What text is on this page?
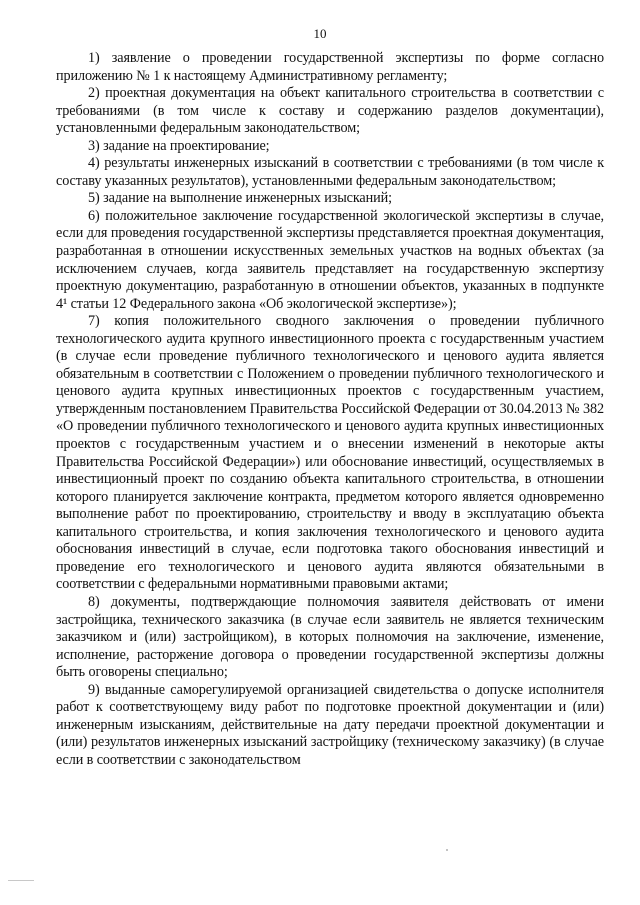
10

1) заявление о проведении государственной экспертизы по форме согласно приложению № 1 к настоящему Административному регламенту;

2) проектная документация на объект капитального строительства в соответствии с требованиями (в том числе к составу и содержанию разделов документации), установленными федеральным законодательством;

3) задание на проектирование;

4) результаты инженерных изысканий в соответствии с требованиями (в том числе к составу указанных результатов), установленными федеральным законодательством;

5) задание на выполнение инженерных изысканий;

6) положительное заключение государственной экологической экспертизы в случае, если для проведения государственной экспертизы представляется проектная документация, разработанная в отношении искусственных земельных участков на водных объектах (за исключением случаев, когда заявитель представляет на государственную экспертизу проектную документацию, разработанную в отношении объектов, указанных в подпункте 4¹ статьи 12 Федерального закона «Об экологической экспертизе»);

7) копия положительного сводного заключения о проведении публичного технологического аудита крупного инвестиционного проекта с государственным участием (в случае если проведение публичного технологического и ценового аудита является обязательным в соответствии с Положением о проведении публичного технологического и ценового аудита крупных инвестиционных проектов с государственным участием, утвержденным постановлением Правительства Российской Федерации от 30.04.2013 № 382 «О проведении публичного технологического и ценового аудита крупных инвестиционных проектов с государственным участием и о внесении изменений в некоторые акты Правительства Российской Федерации») или обоснование инвестиций, осуществляемых в инвестиционный проект по созданию объекта капитального строительства, в отношении которого планируется заключение контракта, предметом которого является одновременно выполнение работ по проектированию, строительству и вводу в эксплуатацию объекта капитального строительства, и копия заключения технологического и ценового аудита обоснования инвестиций в случае, если подготовка такого обоснования инвестиций и проведение его технологического и ценового аудита являются обязательными в соответствии с федеральными нормативными правовыми актами;

8) документы, подтверждающие полномочия заявителя действовать от имени застройщика, технического заказчика (в случае если заявитель не является техническим заказчиком и (или) застройщиком), в которых полномочия на заключение, изменение, исполнение, расторжение договора о проведении государственной экспертизы должны быть оговорены специально;

9) выданные саморегулируемой организацией свидетельства о допуске исполнителя работ к соответствующему виду работ по подготовке проектной документации и (или) инженерным изысканиям, действительные на дату передачи проектной документации и (или) результатов инженерных изысканий застройщику (техническому заказчику) (в случае если в соответствии с законодательством
